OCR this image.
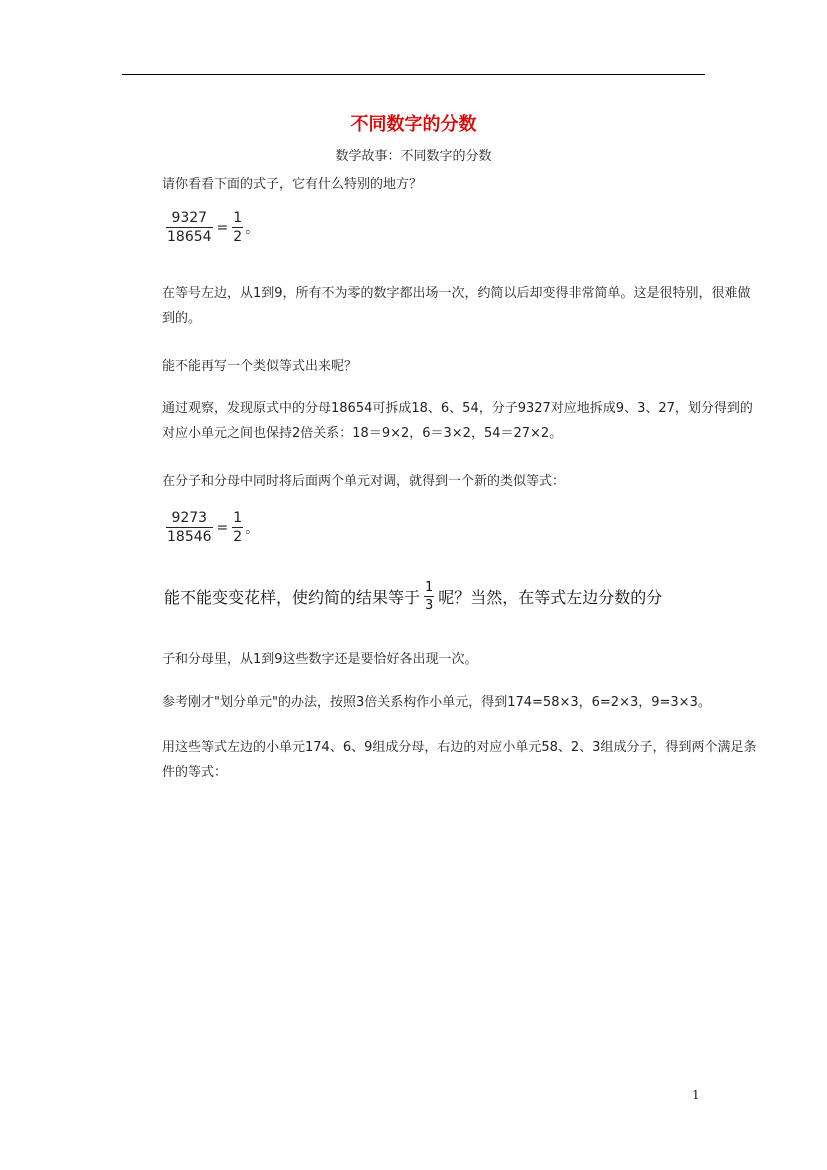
不同数字的分数
数学故事：不同数字的分数
请你看看下面的式子，它有什么特别的地方？
$\frac{9327}{18654} = \frac{1}{2}$ 。
在等号左边，从1到9，所有不为零的数字都出场一次，约简以后却变得非常简单。这是很特别，很难做到的。
能不能再写一个类似等式出来呢？
通过观察，发现原式中的分母18654可拆成18、6、54，分子9327对应地拆成9、3、27，划分得到的对应小单元之间也保持2倍关系：18＝9×2，6＝3×2，54＝27×2。
在分子和分母中同时将后面两个单元对调，就得到一个新的类似等式：
$\frac{9273}{18546} = \frac{1}{2}$ 。
能不能变变花样，使约简的结果等于 $\frac{1}{3}$ 呢？当然，在等式左边分数的分
子和分母里，从1到9这些数字还是要恰好各出现一次。
参考刚才"划分单元"的办法，按照3倍关系构作小单元，得到174=58×3，6=2×3，9=3×3。
用这些等式左边的小单元174、6、9组成分母，右边的对应小单元58、2、3组成分子，得到两个满足条件的等式：
1
